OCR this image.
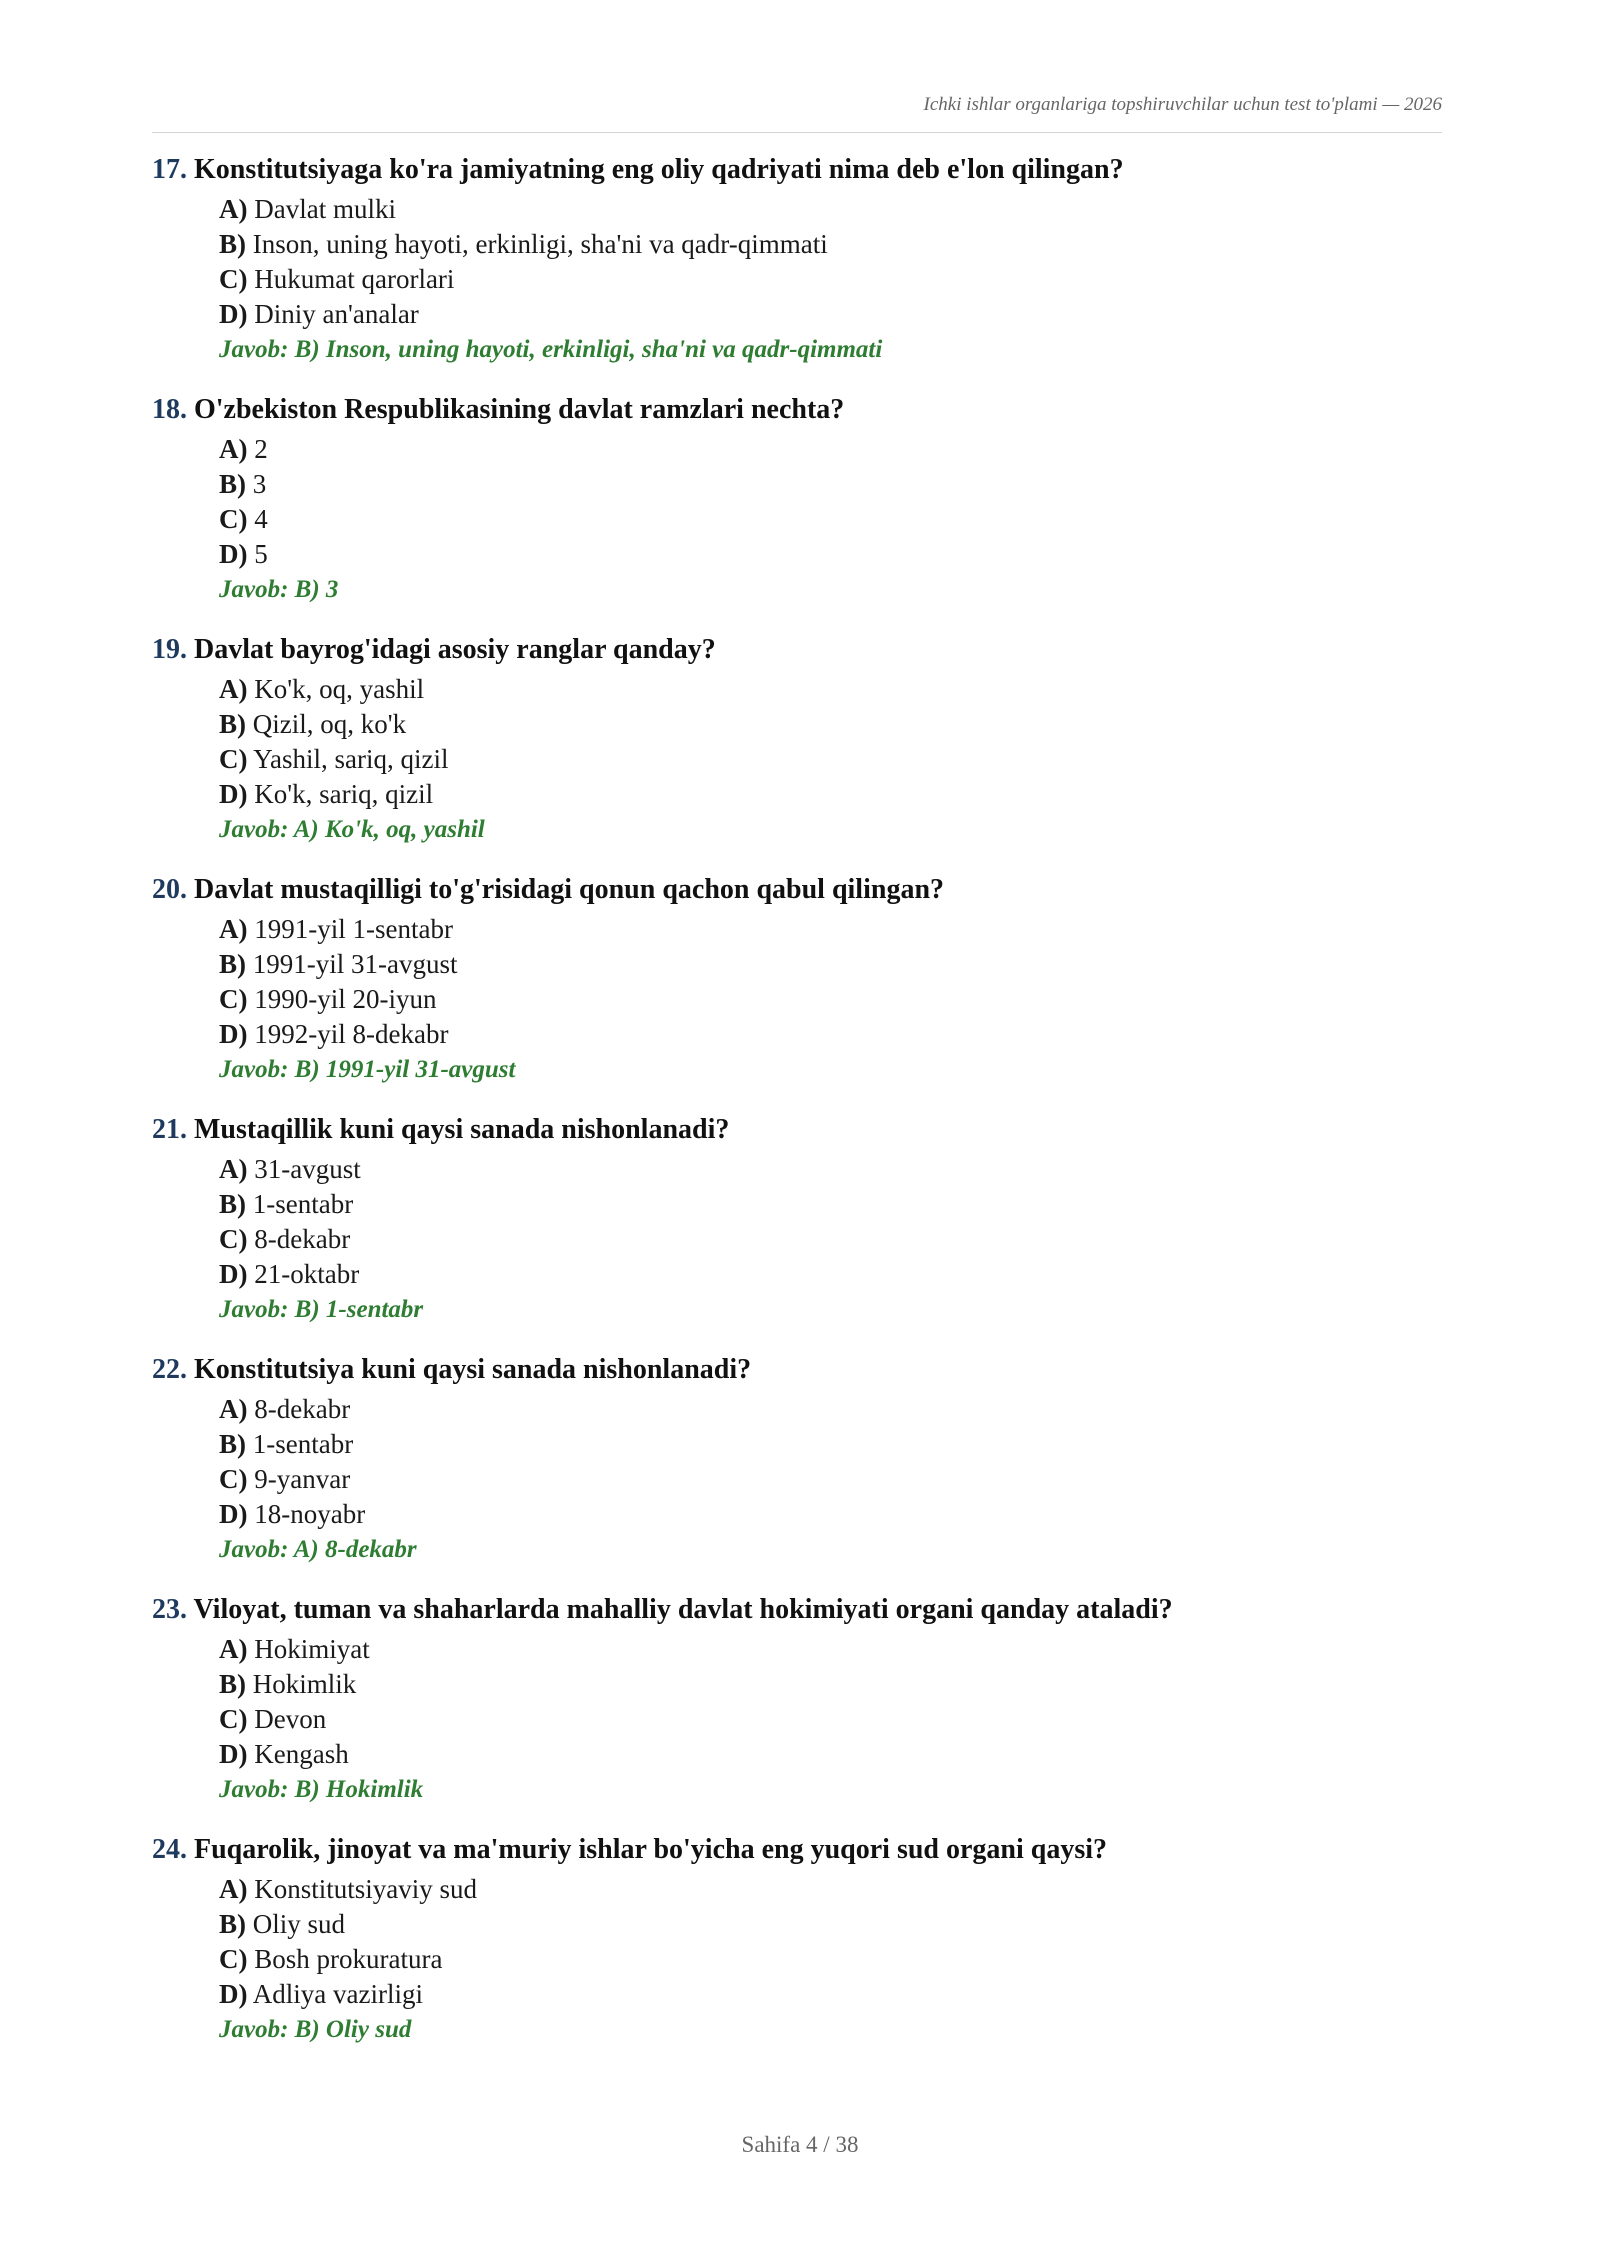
Ichki ishlar organlariga topshiruvchilar uchun test to'plami — 2026
17. Konstitutsiyaga ko'ra jamiyatning eng oliy qadriyati nima deb e'lon qilingan?
A) Davlat mulki
B) Inson, uning hayoti, erkinligi, sha'ni va qadr-qimmati
C) Hukumat qarorlari
D) Diniy an'analar
Javob: B) Inson, uning hayoti, erkinligi, sha'ni va qadr-qimmati
18. O'zbekiston Respublikasining davlat ramzlari nechta?
A) 2
B) 3
C) 4
D) 5
Javob: B) 3
19. Davlat bayrog'idagi asosiy ranglar qanday?
A) Ko'k, oq, yashil
B) Qizil, oq, ko'k
C) Yashil, sariq, qizil
D) Ko'k, sariq, qizil
Javob: A) Ko'k, oq, yashil
20. Davlat mustaqilligi to'g'risidagi qonun qachon qabul qilingan?
A) 1991-yil 1-sentabr
B) 1991-yil 31-avgust
C) 1990-yil 20-iyun
D) 1992-yil 8-dekabr
Javob: B) 1991-yil 31-avgust
21. Mustaqillik kuni qaysi sanada nishonlanadi?
A) 31-avgust
B) 1-sentabr
C) 8-dekabr
D) 21-oktabr
Javob: B) 1-sentabr
22. Konstitutsiya kuni qaysi sanada nishonlanadi?
A) 8-dekabr
B) 1-sentabr
C) 9-yanvar
D) 18-noyabr
Javob: A) 8-dekabr
23. Viloyat, tuman va shaharlarda mahalliy davlat hokimiyati organi qanday ataladi?
A) Hokimiyat
B) Hokimlik
C) Devon
D) Kengash
Javob: B) Hokimlik
24. Fuqarolik, jinoyat va ma'muriy ishlar bo'yicha eng yuqori sud organi qaysi?
A) Konstitutsiyaviy sud
B) Oliy sud
C) Bosh prokuratura
D) Adliya vazirligi
Javob: B) Oliy sud
Sahifa 4 / 38
